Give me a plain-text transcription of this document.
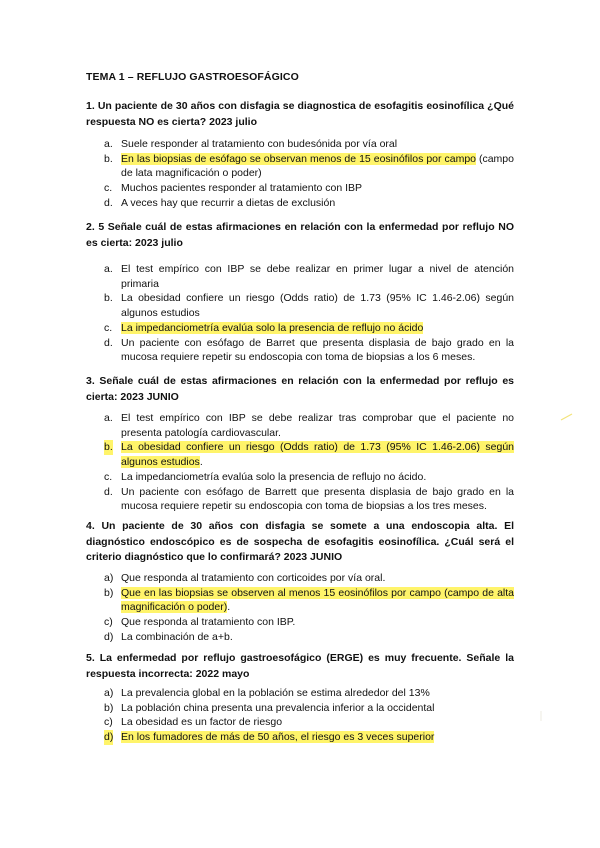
TEMA 1 – REFLUJO GASTROESOFÁGICO
1. Un paciente de 30 años con disfagia se diagnostica de esofagitis eosinofílica ¿Qué respuesta NO es cierta? 2023 julio
a. Suele responder al tratamiento con budesónida por vía oral
b. En las biopsias de esófago se observan menos de 15 eosinófilos por campo (campo de lata magnificación o poder)
c. Muchos pacientes responder al tratamiento con IBP
d. A veces hay que recurrir a dietas de exclusión
2. 5 Señale cuál de estas afirmaciones en relación con la enfermedad por reflujo NO es cierta: 2023 julio
a. El test empírico con IBP se debe realizar en primer lugar a nivel de atención primaria
b. La obesidad confiere un riesgo (Odds ratio) de 1.73 (95% IC 1.46-2.06) según algunos estudios
c. La impedanciometría evalúa solo la presencia de reflujo no ácido
d. Un paciente con esófago de Barret que presenta displasia de bajo grado en la mucosa requiere repetir su endoscopia con toma de biopsias a los 6 meses.
3. Señale cuál de estas afirmaciones en relación con la enfermedad por reflujo es cierta: 2023 JUNIO
a. El test empírico con IBP se debe realizar tras comprobar que el paciente no presenta patología cardiovascular.
b. La obesidad confiere un riesgo (Odds ratio) de 1.73 (95% IC 1.46-2.06) según algunos estudios.
c. La impedanciometría evalúa solo la presencia de reflujo no ácido.
d. Un paciente con esófago de Barrett que presenta displasia de bajo grado en la mucosa requiere repetir su endoscopia con toma de biopsias a los tres meses.
4. Un paciente de 30 años con disfagia se somete a una endoscopia alta. El diagnóstico endoscópico es de sospecha de esofagitis eosinofílica. ¿Cuál será el criterio diagnóstico que lo confirmará? 2023 JUNIO
a) Que responda al tratamiento con corticoides por vía oral.
b) Que en las biopsias se observen al menos 15 eosinófilos por campo (campo de alta magnificación o poder).
c) Que responda al tratamiento con IBP.
d) La combinación de a+b.
5. La enfermedad por reflujo gastroesofágico (ERGE) es muy frecuente. Señale la respuesta incorrecta: 2022 mayo
a) La prevalencia global en la población se estima alrededor del 13%
b) La población china presenta una prevalencia inferior a la occidental
c) La obesidad es un factor de riesgo
d) En los fumadores de más de 50 años, el riesgo es 3 veces superior
